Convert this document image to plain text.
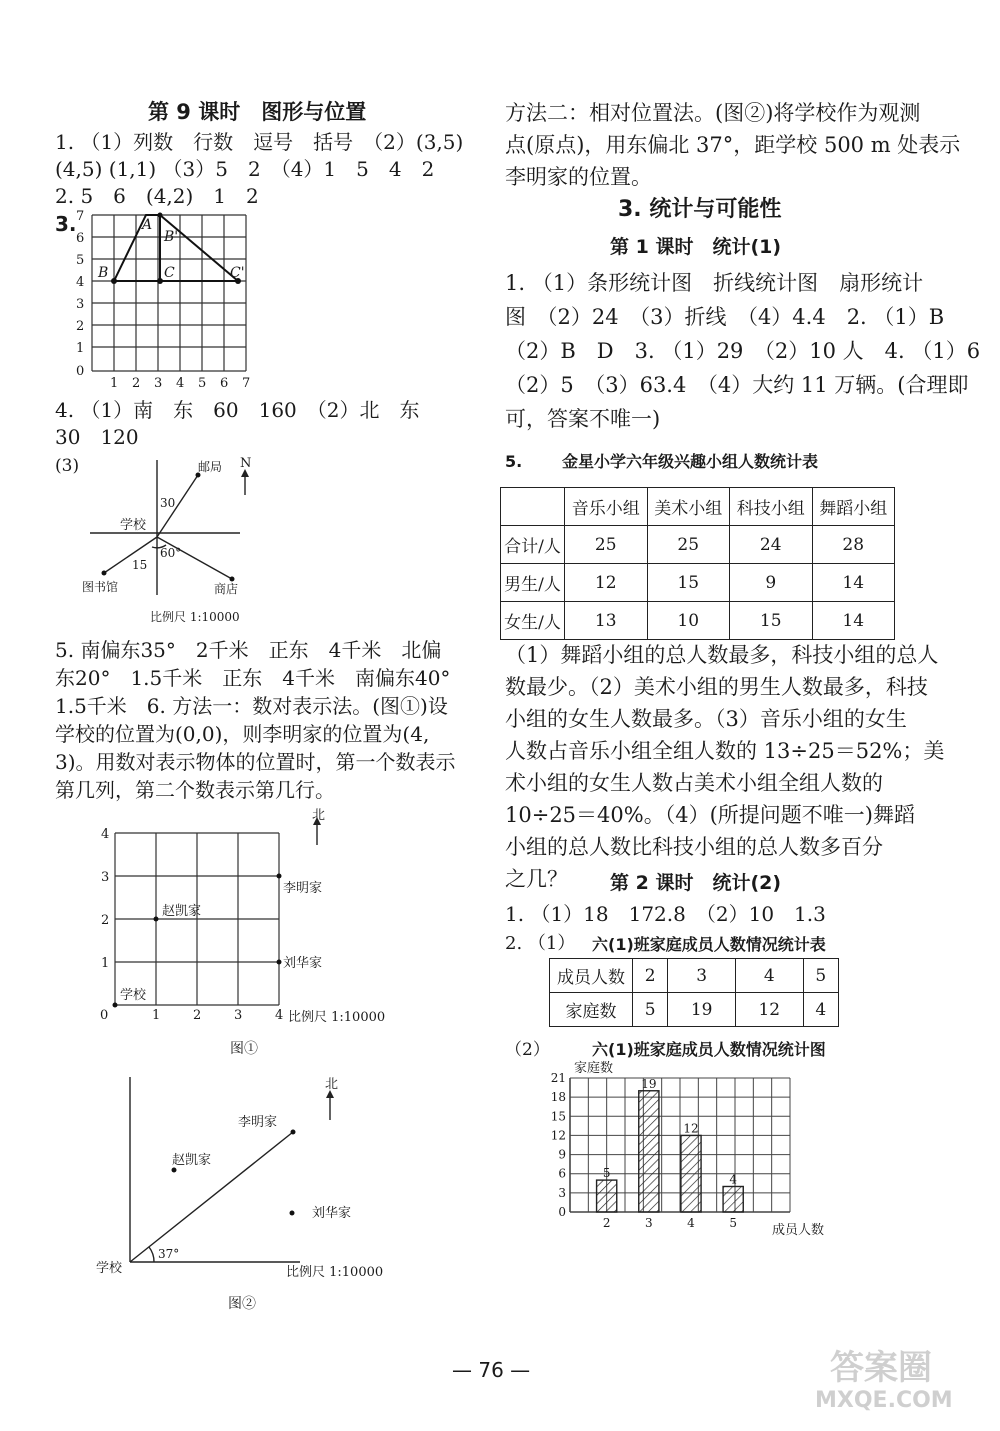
第 9 课时　图形与位置
1. （1）列数　行数　逗号　括号　（2）(3,5)
(4,5) (1,1) （3）5　2　（4）1　5　4　2
2. 5　6　(4,2)　1　2
3.	A
B'
B	C	C'
0
1
2
3
4
5
6
7
1 2 3 4 5 6 7
4. （1）南　东　60　160　（2）北　东
30　120
(3)	N
邮局
学校
图书馆	商店
30
15
60°
比例尺 1:10000
5. 南偏东35°　2千米　正东　4千米　北偏
东20°　1.5千米　正东　4千米　南偏东40°
1.5千米　6. 方法一：数对表示法。(图①)设
学校的位置为(0,0)，则李明家的位置为(4,
3)。用数对表示物体的位置时，第一个数表示
第几列，第二个数表示第几行。
北
李明家
赵凯家
刘华家
学校
4
3
2
1
0	1	2	3	4 比例尺 1:10000
图①
北
李明家
赵凯家
刘华家
学校
37°
比例尺 1:10000
图②
方法二：相对位置法。(图②)将学校作为观测
点(原点)，用东偏北 37°，距学校 500 m 处表示
李明家的位置。
3. 统计与可能性
第 1 课时　统计(1)
1. （1）条形统计图　折线统计图　扇形统计
图　（2）24　（3）折线　（4）4.4　2. （1）B
（2）B　D　3. （1）29　（2）10 人　4. （1）6
（2）5　（3）63.4　（4）大约 11 万辆。(合理即
可，答案不唯一)
5. 金星小学六年级兴趣小组人数统计表
	音乐小组	美术小组	科技小组	舞蹈小组
合计/人	25	25	24	28
男生/人	12	15	9	14
女生/人	13	10	15	14
（1）舞蹈小组的总人数最多，科技小组的总人
数最少。（2）美术小组的男生人数最多，科技
小组的女生人数最多。（3）音乐小组的女生
人数占音乐小组全组人数的 13÷25＝52%；美
术小组的女生人数占美术小组全组人数的
10÷25＝40%。（4）(所提问题不唯一)舞蹈
小组的总人数比科技小组的总人数多百分
之几？ 第 2 课时　统计(2)
1. （1）18　172.8　（2）10　1.3
2. （1） 六(1)班家庭成员人数情况统计表
成员人数	2	3	4	5
家庭数	5	19	12	4
（2）	六(1)班家庭成员人数情况统计图
5
19
12
4
0
3
6
9
12
15
18
21
2	3	4	5
家庭数
成员人数
— 76 —	答案圈
MXQE.COM
